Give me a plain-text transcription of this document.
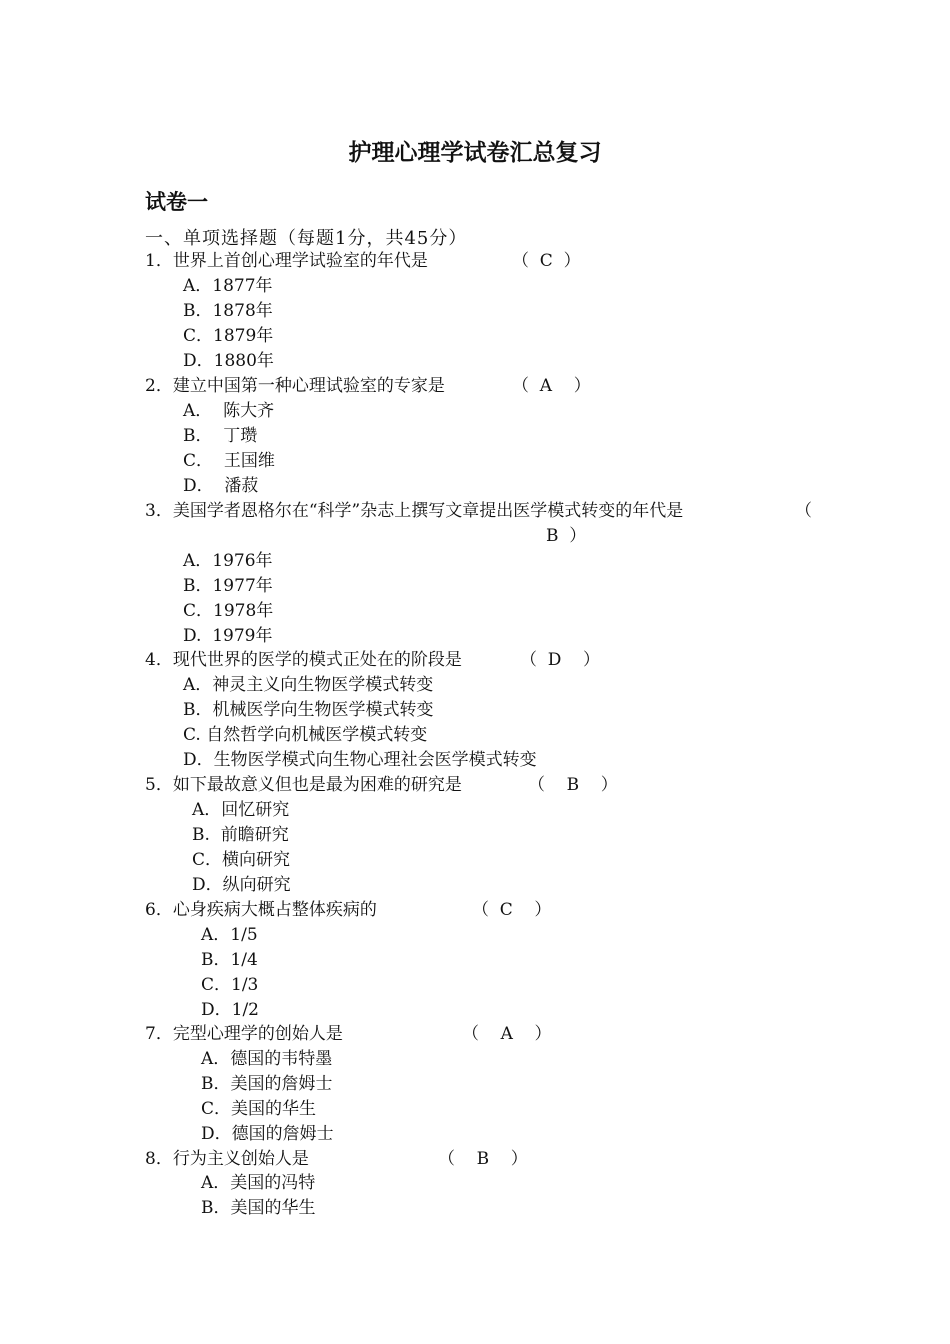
护理心理学试卷汇总复习
试卷一
一、单项选择题（每题1分，共45分）
1．世界上首创心理学试验室的年代是	（  C  ）
A．1877年
B．1878年
C．1879年
D．1880年
2．建立中国第一种心理试验室的专家是	（  A    ）
A．  陈大齐
B．  丁瓒
C．  王国维
D．  潘菽
3．美国学者恩格尔在“科学”杂志上撰写文章提出医学模式转变的年代是	（
B  ）
A．1976年
B．1977年
C．1978年
D.  1979年
4．现代世界的医学的模式正处在的阶段是	（  D    ）
A．神灵主义向生物医学模式转变
B．机械医学向生物医学模式转变
C. 自然哲学向机械医学模式转变
D．生物医学模式向生物心理社会医学模式转变
5．如下最故意义但也是最为困难的研究是	（    B    ）
A．回忆研究
B.  前瞻研究
C．横向研究
D．纵向研究
6．心身疾病大概占整体疾病的	（  C    ）
A．1/5
B．1/4
C．1/3
D．1/2
7．完型心理学的创始人是	（    A    ）
A．德国的韦特墨
B．美国的詹姆士
C．美国的华生
D．德国的詹姆士
8．行为主义创始人是	（    B    ）
A．美国的冯特
B．美国的华生
